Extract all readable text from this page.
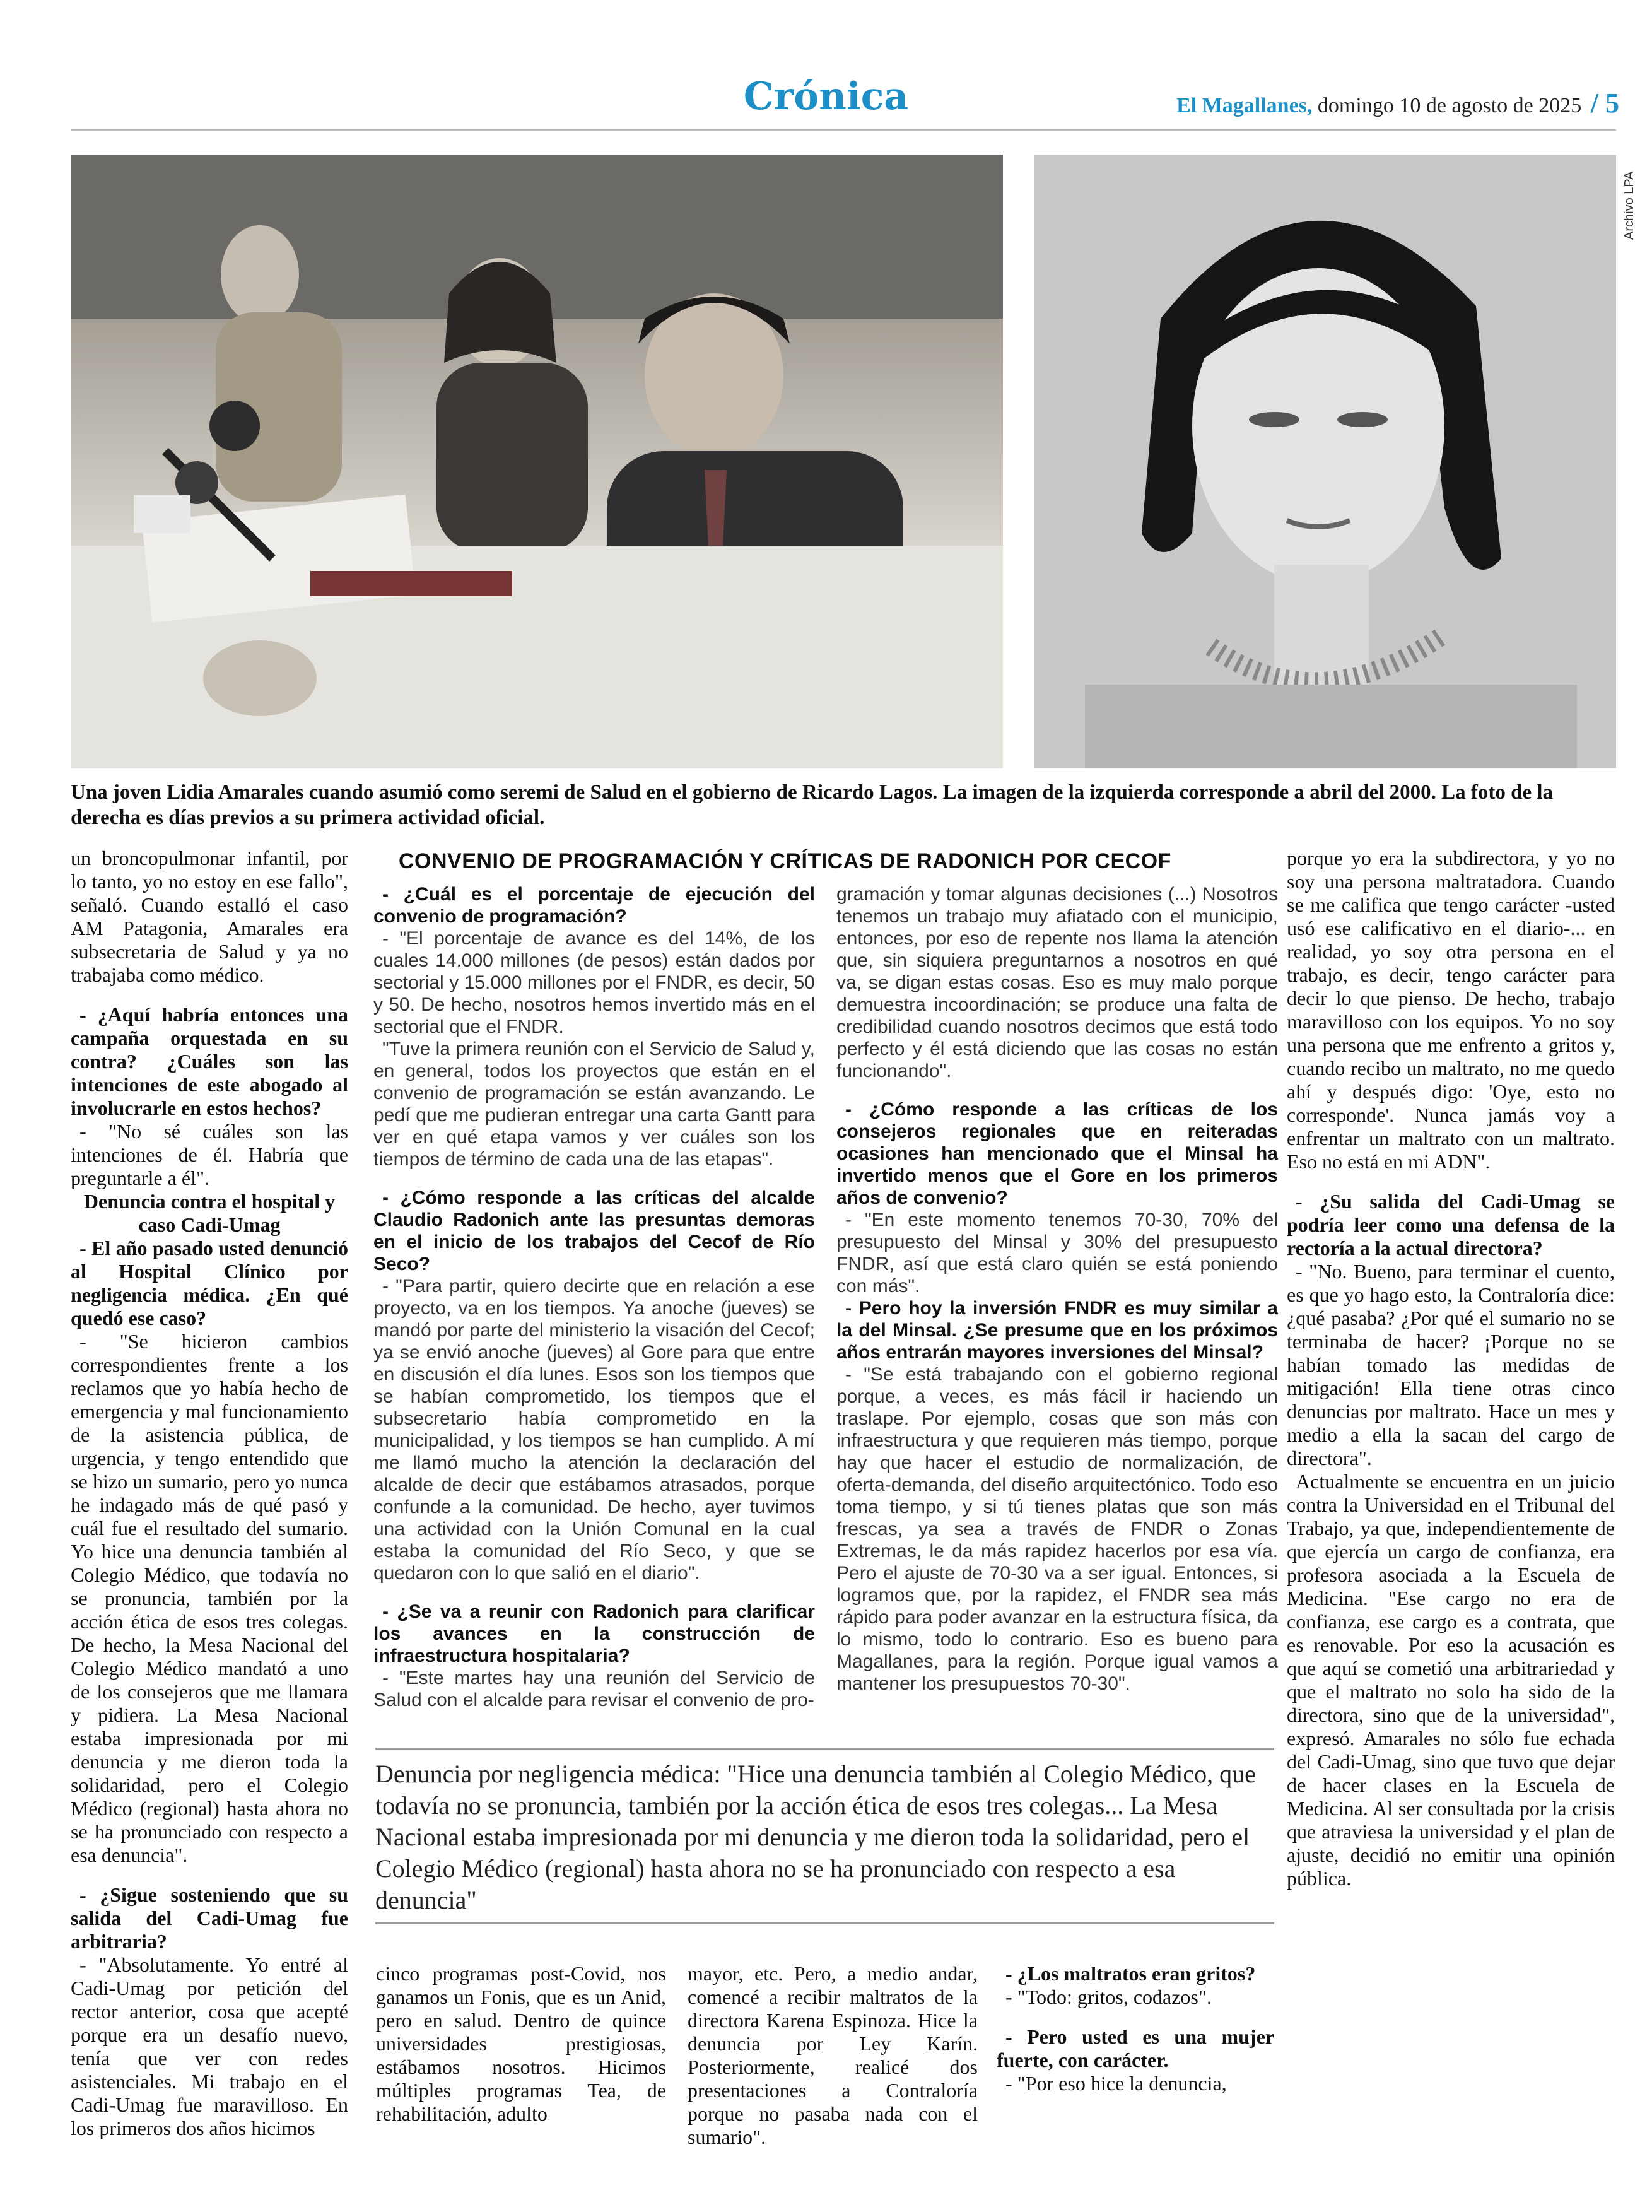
Crónica	El Magallanes, domingo 10 de agosto de 2025 / 5
Archivo LPA
Una joven Lidia Amarales cuando asumió como seremi de Salud en el gobierno de Ricardo Lagos. La imagen de la izquierda corresponde a abril del 2000. La foto de la derecha es días previos a su primera actividad oficial.

un broncopulmonar infantil, por lo tanto, yo no estoy en ese fallo", señaló. Cuando estalló el caso AM Patagonia, Amarales era subsecretaria de Salud y ya no trabajaba como médico.

- ¿Aquí habría entonces una campaña orquestada en su contra? ¿Cuáles son las intenciones de este abogado al involucrarle en estos hechos?

- "No sé cuáles son las intenciones de él. Habría que preguntarle a él".

Denuncia contra el hospital y caso Cadi-Umag

- El año pasado usted denunció al Hospital Clínico por negligencia médica. ¿En qué quedó ese caso?

- "Se hicieron cambios correspondientes frente a los reclamos que yo había hecho de emergencia y mal funcionamiento de la asistencia pública, de urgencia, y tengo entendido que se hizo un sumario, pero yo nunca he indagado más de qué pasó y cuál fue el resultado del sumario. Yo hice una denuncia también al Colegio Médico, que todavía no se pronuncia, también por la acción ética de esos tres colegas. De hecho, la Mesa Nacional del Colegio Médico mandató a uno de los consejeros que me llamara y pidiera. La Mesa Nacional estaba impresionada por mi denuncia y me dieron toda la solidaridad, pero el Colegio Médico (regional) hasta ahora no se ha pronunciado con respecto a esa denuncia".

- ¿Sigue sosteniendo que su salida del Cadi-Umag fue arbitraria?

- "Absolutamente. Yo entré al Cadi-Umag por petición del rector anterior, cosa que acepté porque era un desafío nuevo, tenía que ver con redes asistenciales. Mi trabajo en el Cadi-Umag fue maravilloso. En los primeros dos años hicimos

CONVENIO DE PROGRAMACIÓN Y CRÍTICAS DE RADONICH POR CECOF

- ¿Cuál es el porcentaje de ejecución del convenio de programación?

- "El porcentaje de avance es del 14%, de los cuales 14.000 millones (de pesos) están dados por sectorial y 15.000 millones por el FNDR, es decir, 50 y 50. De hecho, nosotros hemos invertido más en el sectorial que el FNDR.

"Tuve la primera reunión con el Servicio de Salud y, en general, todos los proyectos que están en el convenio de programación se están avanzando. Le pedí que me pudieran entregar una carta Gantt para ver en qué etapa vamos y ver cuáles son los tiempos de término de cada una de las etapas".

- ¿Cómo responde a las críticas del alcalde Claudio Radonich ante las presuntas demoras en el inicio de los trabajos del Cecof de Río Seco?

- "Para partir, quiero decirte que en relación a ese proyecto, va en los tiempos. Ya anoche (jueves) se mandó por parte del ministerio la visación del Cecof; ya se envió anoche (jueves) al Gore para que entre en discusión el día lunes. Esos son los tiempos que se habían comprometido, los tiempos que el subsecretario había comprometido en la municipalidad, y los tiempos se han cumplido. A mí me llamó mucho la atención la declaración del alcalde de decir que estábamos atrasados, porque confunde a la comunidad. De hecho, ayer tuvimos una actividad con la Unión Comunal en la cual estaba la comunidad del Río Seco, y que se quedaron con lo que salió en el diario".

- ¿Se va a reunir con Radonich para clarificar los avances en la construcción de infraestructura hospitalaria?

- "Este martes hay una reunión del Servicio de Salud con el alcalde para revisar el convenio de pro-

gramación y tomar algunas decisiones (...) Nosotros tenemos un trabajo muy afiatado con el municipio, entonces, por eso de repente nos llama la atención que, sin siquiera preguntarnos a nosotros en qué va, se digan estas cosas. Eso es muy malo porque demuestra incoordinación; se produce una falta de credibilidad cuando nosotros decimos que está todo perfecto y él está diciendo que las cosas no están funcionando".

- ¿Cómo responde a las críticas de los consejeros regionales que en reiteradas ocasiones han mencionado que el Minsal ha invertido menos que el Gore en los primeros años de convenio?

- "En este momento tenemos 70-30, 70% del presupuesto del Minsal y 30% del presupuesto FNDR, así que está claro quién se está poniendo con más".

- Pero hoy la inversión FNDR es muy similar a la del Minsal. ¿Se presume que en los próximos años entrarán mayores inversiones del Minsal?

- "Se está trabajando con el gobierno regional porque, a veces, es más fácil ir haciendo un traslape. Por ejemplo, cosas que son más con infraestructura y que requieren más tiempo, porque hay que hacer el estudio de normalización, de oferta-demanda, del diseño arquitectónico. Todo eso toma tiempo, y si tú tienes platas que son más frescas, ya sea a través de FNDR o Zonas Extremas, le da más rapidez hacerlos por esa vía. Pero el ajuste de 70-30 va a ser igual. Entonces, si logramos que, por la rapidez, el FNDR sea más rápido para poder avanzar en la estructura física, da lo mismo, todo lo contrario. Eso es bueno para Magallanes, para la región. Porque igual vamos a mantener los presupuestos 70-30".

porque yo era la subdirectora, y yo no soy una persona maltratadora. Cuando se me califica que tengo carácter -usted usó ese calificativo en el diario-... en realidad, yo soy otra persona en el trabajo, es decir, tengo carácter para decir lo que pienso. De hecho, trabajo maravilloso con los equipos. Yo no soy una persona que me enfrento a gritos y, cuando recibo un maltrato, no me quedo ahí y después digo: 'Oye, esto no corresponde'. Nunca jamás voy a enfrentar un maltrato con un maltrato. Eso no está en mi ADN".

- ¿Su salida del Cadi-Umag se podría leer como una defensa de la rectoría a la actual directora?

- "No. Bueno, para terminar el cuento, es que yo hago esto, la Contraloría dice: ¿qué pasaba? ¿Por qué el sumario no se terminaba de hacer? ¡Porque no se habían tomado las medidas de mitigación! Ella tiene otras cinco denuncias por maltrato. Hace un mes y medio a ella la sacan del cargo de directora".

Actualmente se encuentra en un juicio contra la Universidad en el Tribunal del Trabajo, ya que, independientemente de que ejercía un cargo de confianza, era profesora asociada a la Escuela de Medicina. "Ese cargo no era de confianza, ese cargo es a contrata, que es renovable. Por eso la acusación es que aquí se cometió una arbitrariedad y que el maltrato no solo ha sido de la directora, sino que de la universidad", expresó. Amarales no sólo fue echada del Cadi-Umag, sino que tuvo que dejar de hacer clases en la Escuela de Medicina. Al ser consultada por la crisis que atraviesa la universidad y el plan de ajuste, decidió no emitir una opinión pública.

Denuncia por negligencia médica: "Hice una denuncia también al Colegio Médico, que todavía no se pronuncia, también por la acción ética de esos tres colegas... La Mesa Nacional estaba impresionada por mi denuncia y me dieron toda la solidaridad, pero el Colegio Médico (regional) hasta ahora no se ha pronunciado con respecto a esa denuncia"

cinco programas post-Covid, nos ganamos un Fonis, que es un Anid, pero en salud. Dentro de quince universidades prestigiosas, estábamos nosotros. Hicimos múltiples programas Tea, de rehabilitación, adulto

mayor, etc. Pero, a medio andar, comencé a recibir maltratos de la directora Karena Espinoza. Hice la denuncia por Ley Karín. Posteriormente, realicé dos presentaciones a Contraloría porque no pasaba nada con el sumario".

- ¿Los maltratos eran gritos?

- "Todo: gritos, codazos".

- Pero usted es una mujer fuerte, con carácter.

- "Por eso hice la denuncia,
